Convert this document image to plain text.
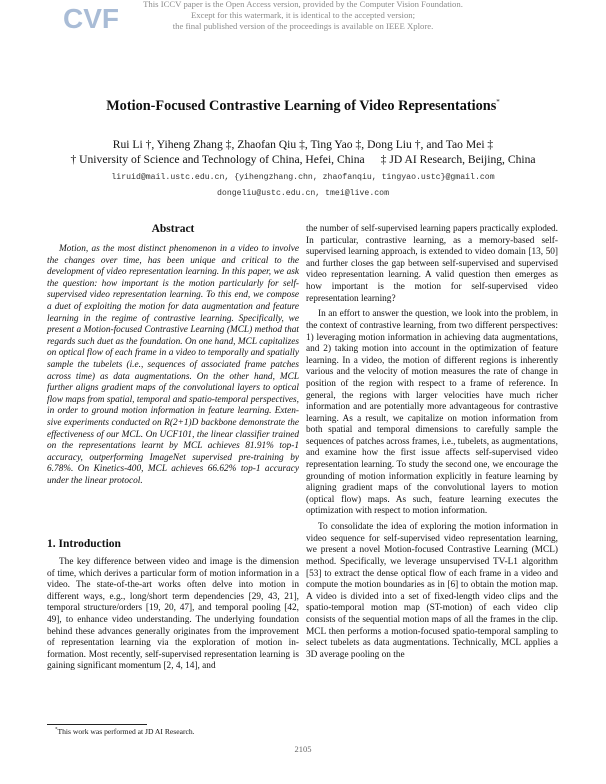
CVF	This ICCV paper is the Open Access version, provided by the Computer Vision Foundation.
Except for this watermark, it is identical to the accepted version;
the final published version of the proceedings is available on IEEE Xplore.
Motion-Focused Contrastive Learning of Video Representations*
Rui Li †, Yiheng Zhang ‡, Zhaofan Qiu ‡, Ting Yao ‡, Dong Liu †, and Tao Mei ‡
† University of Science and Technology of China, Hefei, China ‡ JD AI Research, Beijing, China
liruid@mail.ustc.edu.cn, {yihengzhang.chn, zhaofanqiu, tingyao.ustc}@gmail.com
dongeliu@ustc.edu.cn, tmei@live.com
Abstract

Motion, as the most distinct phenomenon in a video to involve the changes over time, has been unique and critical to the development of video representation learning. In this paper, we ask the question: how important is the motion particularly for self-supervised video representation learning. To this end, we compose a duet of exploiting the motion for data augmentation and feature learning in the regime of contrastive learning. Specifically, we present a Motion-focused Contrastive Learning (MCL) method that regards such duet as the foundation. On one hand, MCL capitalizes on optical flow of each frame in a video to temporally and spatially sample the tubelets (i.e., sequences of associated frame patches across time) as data augmentations. On the other hand, MCL further aligns gradient maps of the convolutional layers to optical flow maps from spatial, temporal and spatio-temporal perspectives, in order to ground motion information in feature learning. Extensive experiments conducted on R(2+1)D backbone demonstrate the effectiveness of our MCL. On UCF101, the linear classifier trained on the representations learnt by MCL achieves 81.91% top-1 accuracy, outperforming ImageNet supervised pre-training by 6.78%. On Kinetics-400, MCL achieves 66.62% top-1 accuracy under the linear protocol.

1. Introduction

The key difference between video and image is the dimension of time, which derives a particular form of motion information in a video. The state-of-the-art works often delve into motion in different ways, e.g., long/short term dependencies [29, 43, 21], temporal structure/orders [19, 20, 47], and temporal pooling [42, 49], to enhance video understanding. The underlying foundation behind these advances generally originates from the improvement of representation learning via the exploration of motion information. Most recently, self-supervised representation learning is gaining significant momentum [2, 4, 14], and

*This work was performed at JD AI Research.

the number of self-supervised learning papers practically exploded. In particular, contrastive learning, as a memory-based self-supervised learning approach, is extended to video domain [13, 50] and further closes the gap between self-supervised and supervised video representation learning. A valid question then emerges as how important is the motion for self-supervised video representation learning?

In an effort to answer the question, we look into the problem, in the context of contrastive learning, from two different perspectives: 1) leveraging motion information in achieving data augmentations, and 2) taking motion into account in the optimization of feature learning. In a video, the motion of different regions is inherently various and the velocity of motion measures the rate of change in position of the region with respect to a frame of reference. In general, the regions with larger velocities have much richer information and are potentially more advantageous for contrastive learning. As a result, we capitalize on motion information from both spatial and temporal dimensions to carefully sample the sequences of patches across frames, i.e., tubelets, as augmentations, and examine how the first issue affects self-supervised video representation learning. To study the second one, we encourage the grounding of motion information explicitly in feature learning by aligning gradient maps of the convolutional layers to motion (optical flow) maps. As such, feature learning executes the optimization with respect to motion information.

To consolidate the idea of exploring the motion information in video sequence for self-supervised video representation learning, we present a novel Motion-focused Contrastive Learning (MCL) method. Specifically, we leverage unsupervised TV-L1 algorithm [53] to extract the dense optical flow of each frame in a video and compute the motion boundaries as in [6] to obtain the motion map. A video is divided into a set of fixed-length video clips and the spatio-temporal motion map (ST-motion) of each video clip consists of the sequential motion maps of all the frames in the clip. MCL then performs a motion-focused spatio-temporal sampling to select tubelets as data augmentations. Technically, MCL applies a 3D average pooling on the

2105
